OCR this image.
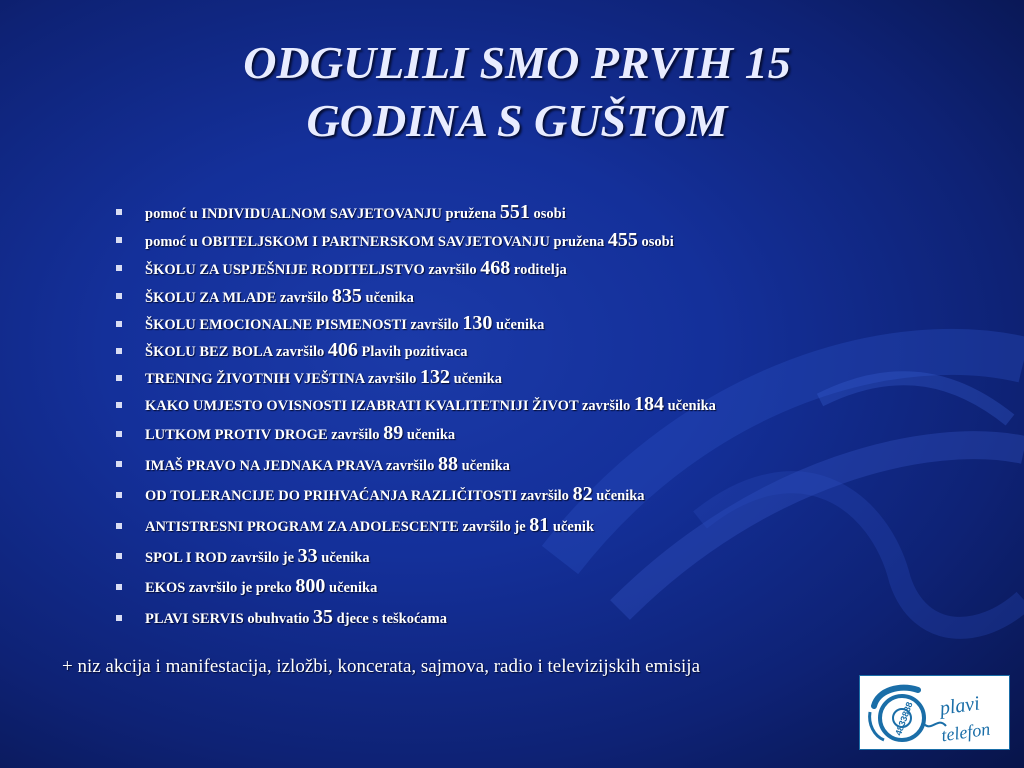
ODGULILI SMO PRVIH 15
GODINA S GUŠTOM
pomoć u INDIVIDUALNOM SAVJETOVANJU pružena 551 osobi
pomoć u OBITELJSKOM I PARTNERSKOM SAVJETOVANJU pružena 455 osobi
ŠKOLU ZA USPJEŠNIJE RODITELJSTVO završilo 468 roditelja
ŠKOLU ZA MLADE završilo 835 učenika
ŠKOLU EMOCIONALNE PISMENOSTI završilo 130 učenika
ŠKOLU BEZ BOLA završilo 406 Plavih pozitivaca
TRENING ŽIVOTNIH VJEŠTINA završilo 132 učenika
KAKO UMJESTO OVISNOSTI IZABRATI KVALITETNIJI ŽIVOT završilo 184 učenika
LUTKOM PROTIV DROGE završilo 89 učenika
IMAŠ PRAVO NA JEDNAKA PRAVA završilo 88 učenika
OD TOLERANCIJE DO PRIHVAĆANJA RAZLIČITOSTI završilo 82 učenika
ANTISTRESNI PROGRAM ZA ADOLESCENTE završilo je 81 učenik
SPOL I ROD završilo je 33 učenika
EKOS završilo je preko 800 učenika
PLAVI SERVIS obuhvatio 35 djece s teškoćama
+ niz akcija i manifestacija, izložbi, koncerata, sajmova, radio i televizijskih emisija
4833888 plavi
telefon
